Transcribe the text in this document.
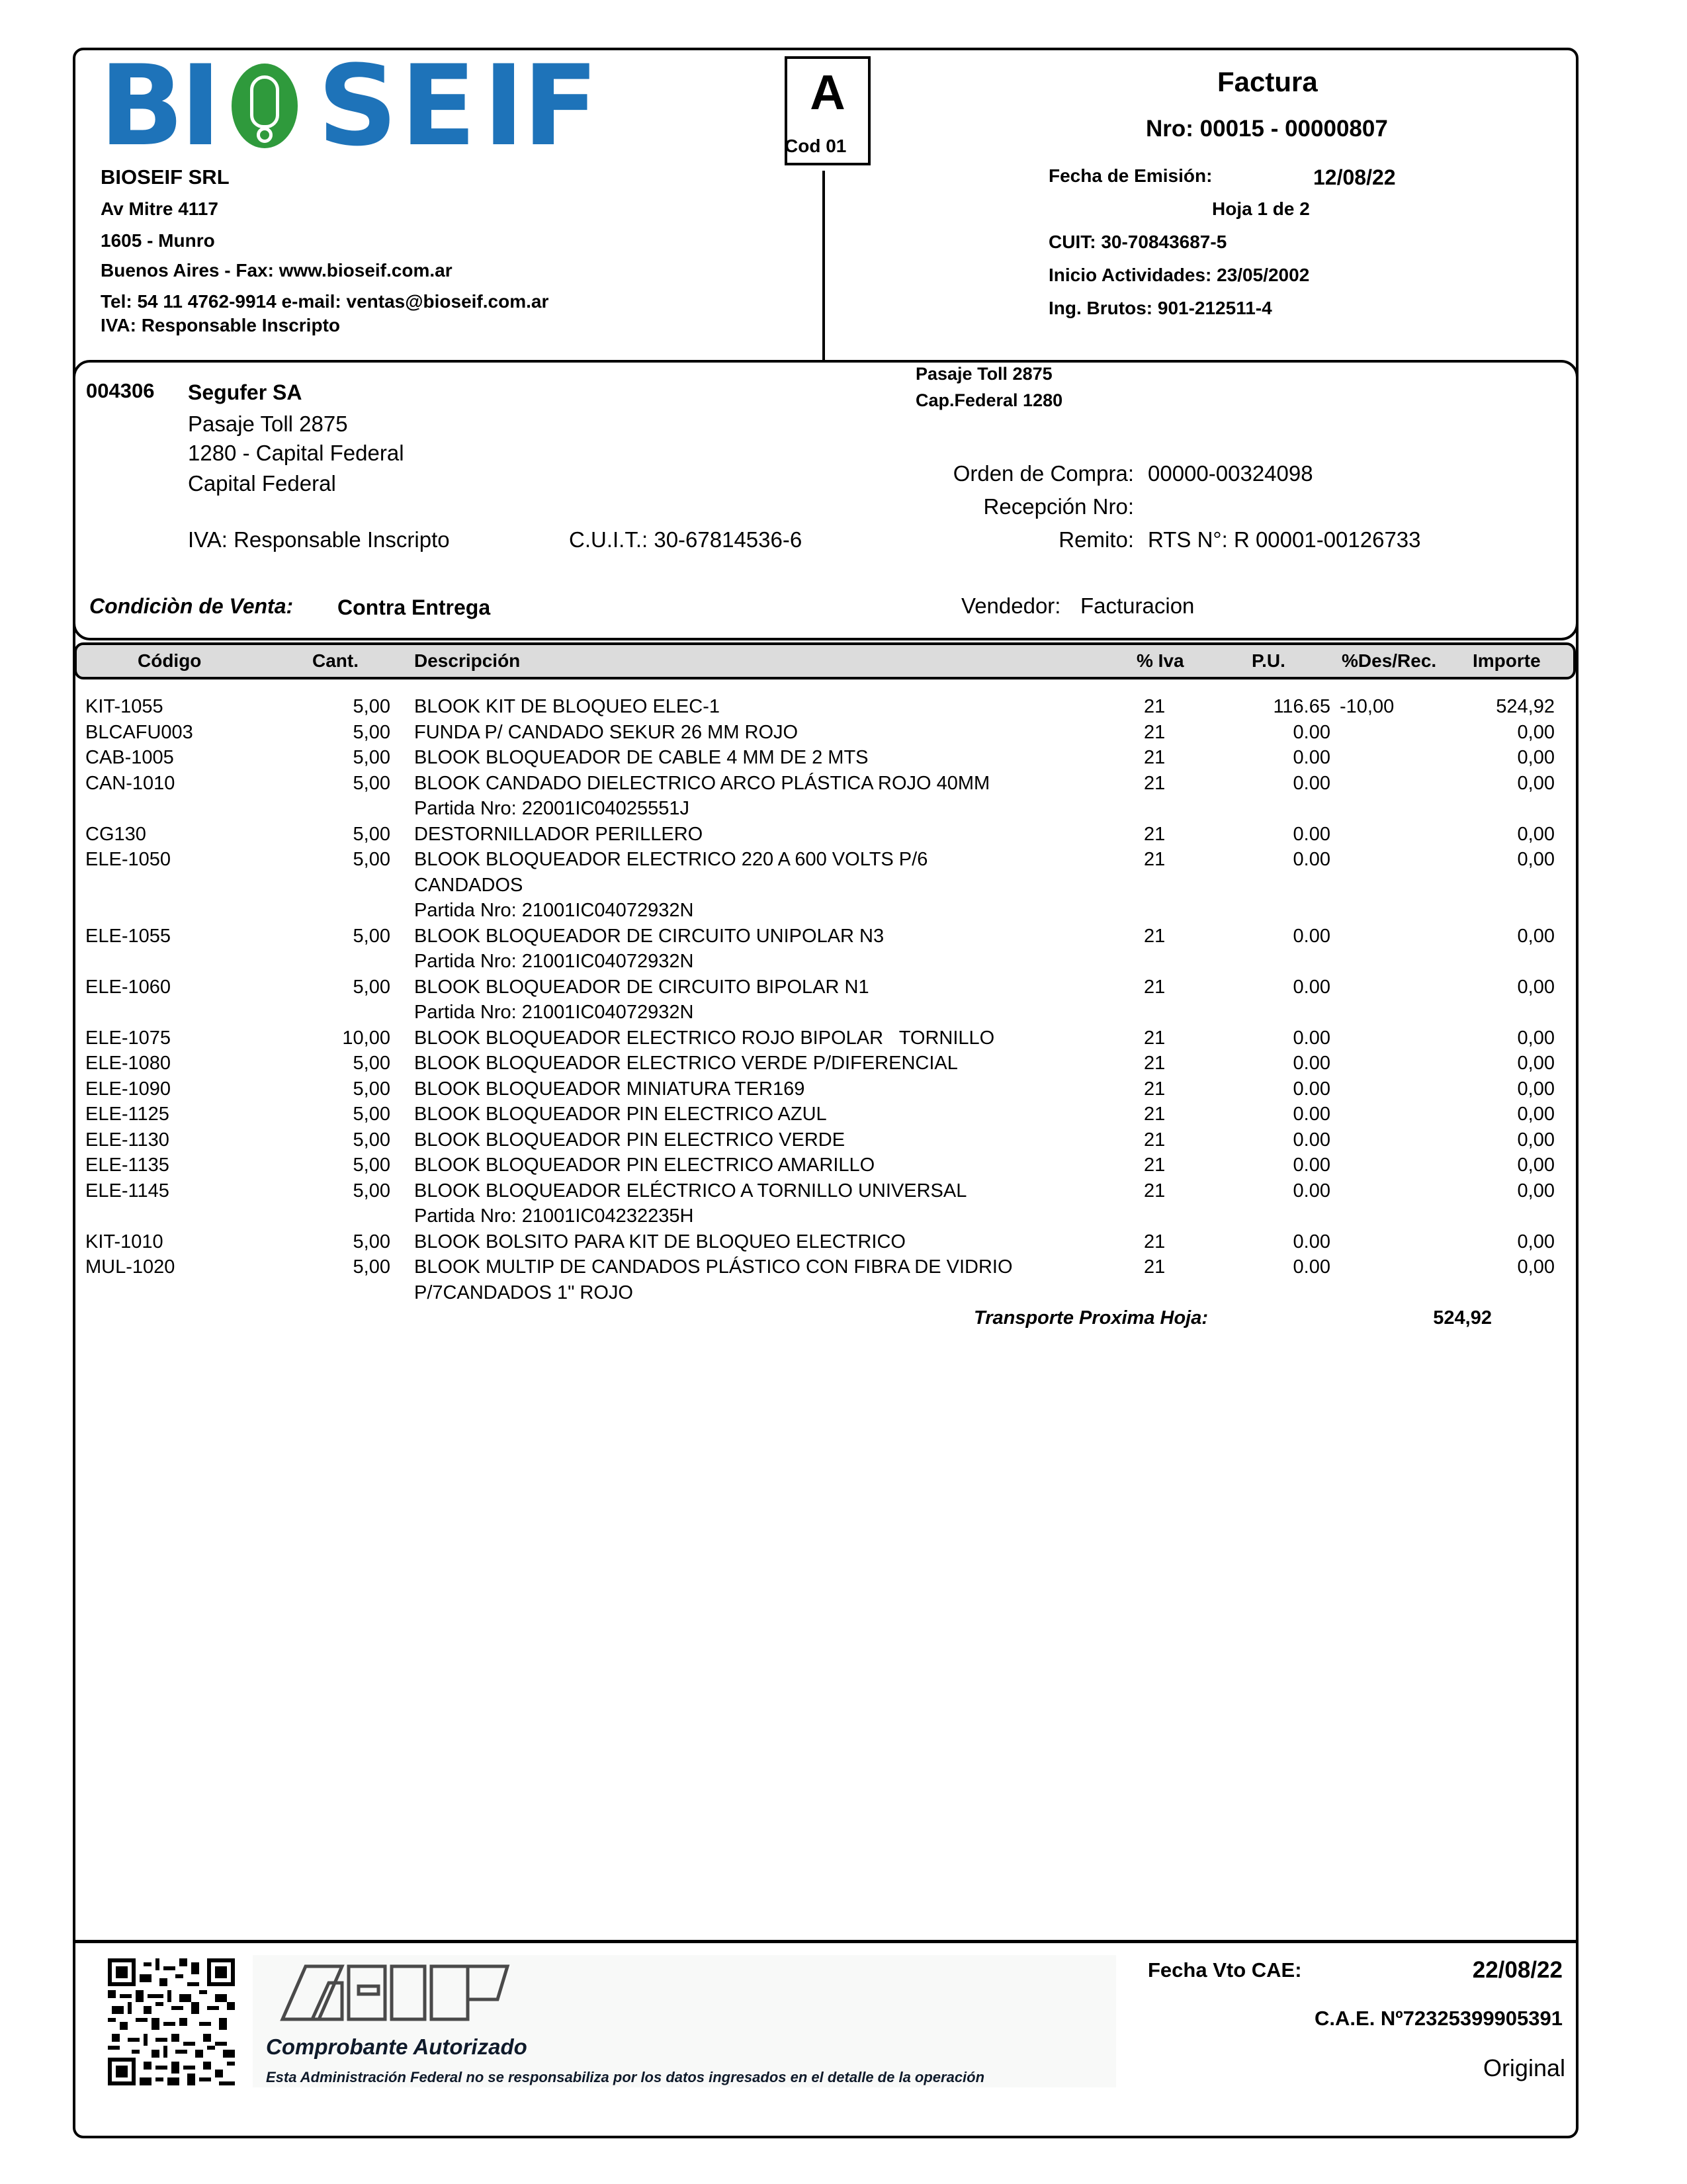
B
I S E I
F
BIOSEIF SRL
Av Mitre 4117
1605 - Munro
Buenos Aires - Fax: www.bioseif.com.ar
Tel: 54 11 4762-9914 e-mail: ventas@bioseif.com.ar
IVA: Responsable Inscripto
A
Cod 01
Factura
Nro: 00015 - 00000807
Fecha de Emisión:	12/08/22
Hoja 1 de 2
CUIT: 30-70843687-5
Inicio Actividades: 23/05/2002
Ing. Brutos: 901-212511-4
004306 Segufer SA
Pasaje Toll 2875
1280 - Capital Federal
Capital Federal
IVA: Responsable Inscripto	C.U.I.T.: 30-67814536-6
Pasaje Toll 2875
Cap.Federal 1280
Orden de Compra: 00000-00324098
Recepción Nro:
Remito: RTS N°: R 00001-00126733
Condiciòn de Venta: Contra Entrega	Vendedor: Facturacion
Código	Cant.	Descripción	% Iva	P.U.	%Des/Rec. Importe
KIT-1055	5,00 BLOOK KIT DE BLOQUEO ELEC-1	21	116.65 -10,00	524,92
BLCAFU003	5,00 FUNDA P/ CANDADO SEKUR 26 MM ROJO	21	0.00	0,00
CAB-1005	5,00 BLOOK BLOQUEADOR DE CABLE 4 MM DE 2 MTS	21	0.00	0,00
CAN-1010	5,00 BLOOK CANDADO DIELECTRICO ARCO PLÁSTICA ROJO 40MM	21	0.00	0,00
Partida Nro: 22001IC04025551J
CG130	5,00 DESTORNILLADOR PERILLERO	21	0.00	0,00
ELE-1050	5,00 BLOOK BLOQUEADOR ELECTRICO 220 A 600 VOLTS P/6	21	0.00	0,00
CANDADOS
Partida Nro: 21001IC04072932N
ELE-1055	5,00 BLOOK BLOQUEADOR DE CIRCUITO UNIPOLAR N3	21	0.00	0,00
Partida Nro: 21001IC04072932N
ELE-1060	5,00 BLOOK BLOQUEADOR DE CIRCUITO BIPOLAR N1	21	0.00	0,00
Partida Nro: 21001IC04072932N
ELE-1075	10,00 BLOOK BLOQUEADOR ELECTRICO ROJO BIPOLAR   TORNILLO	21	0.00	0,00
ELE-1080	5,00 BLOOK BLOQUEADOR ELECTRICO VERDE P/DIFERENCIAL	21	0.00	0,00
ELE-1090	5,00 BLOOK BLOQUEADOR MINIATURA TER169	21	0.00	0,00
ELE-1125	5,00 BLOOK BLOQUEADOR PIN ELECTRICO AZUL	21	0.00	0,00
ELE-1130	5,00 BLOOK BLOQUEADOR PIN ELECTRICO VERDE	21	0.00	0,00
ELE-1135	5,00 BLOOK BLOQUEADOR PIN ELECTRICO AMARILLO	21	0.00	0,00
ELE-1145	5,00 BLOOK BLOQUEADOR ELÉCTRICO A TORNILLO UNIVERSAL	21	0.00	0,00
Partida Nro: 21001IC04232235H
KIT-1010	5,00 BLOOK BOLSITO PARA KIT DE BLOQUEO ELECTRICO	21	0.00	0,00
MUL-1020	5,00 BLOOK MULTIP DE CANDADOS PLÁSTICO CON FIBRA DE VIDRIO	21	0.00	0,00
P/7CANDADOS 1" ROJO
Transporte Proxima Hoja:	524,92
Comprobante Autorizado
Esta Administración Federal no se responsabiliza por los datos ingresados en el detalle de la operación
Fecha Vto CAE:	22/08/22
C.A.E. Nº72325399905391
Original
